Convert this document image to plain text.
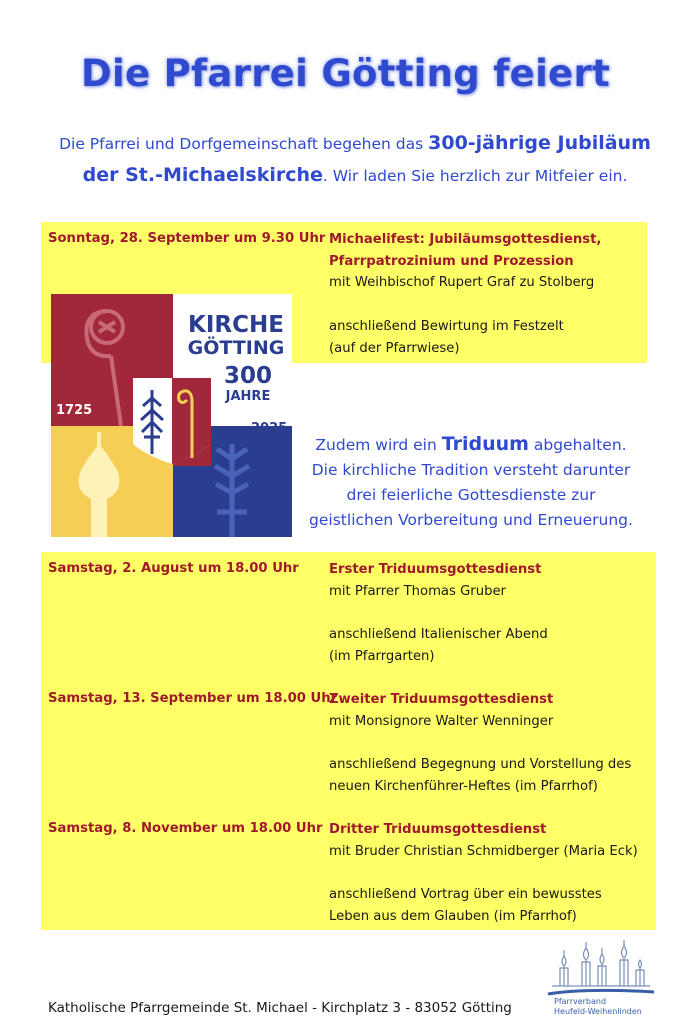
Die Pfarrei Götting feiert
Die Pfarrei und Dorfgemeinschaft begehen das 300-jährige Jubiläum
der St.-Michaelskirche. Wir laden Sie herzlich zur Mitfeier ein.
Sonntag, 28. September um 9.30 Uhr Michaelifest: Jubiläumsgottesdienst,
Pfarrpatrozinium und Prozession
mit Weihbischof Rupert Graf zu Stolberg
anschließend Bewirtung im Festzelt
(auf der Pfarrwiese)
KIRCHE
GÖTTING
300
JAHRE
1725
2025
Zudem wird ein Triduum abgehalten.
Die kirchliche Tradition versteht darunter
drei feierliche Gottesdienste zur
geistlichen Vorbereitung und Erneuerung.
Samstag, 2. August um 18.00 Uhr Erster Triduumsgottesdienst
mit Pfarrer Thomas Gruber
anschließend Italienischer Abend
(im Pfarrgarten)
Samstag, 13. September um 18.00 Uhr
Zweiter Triduumsgottesdienst
mit Monsignore Walter Wenninger
anschließend Begegnung und Vorstellung des
neuen Kirchenführer-Heftes (im Pfarrhof)
Samstag, 8. November um 18.00 Uhr Dritter Triduumsgottesdienst
mit Bruder Christian Schmidberger (Maria Eck)
anschließend Vortrag über ein bewusstes
Leben aus dem Glauben (im Pfarrhof)
Katholische Pfarrgemeinde St. Michael - Kirchplatz 3 - 83052 Götting	Pfarrverband
Heufeld-Weihenlinden
